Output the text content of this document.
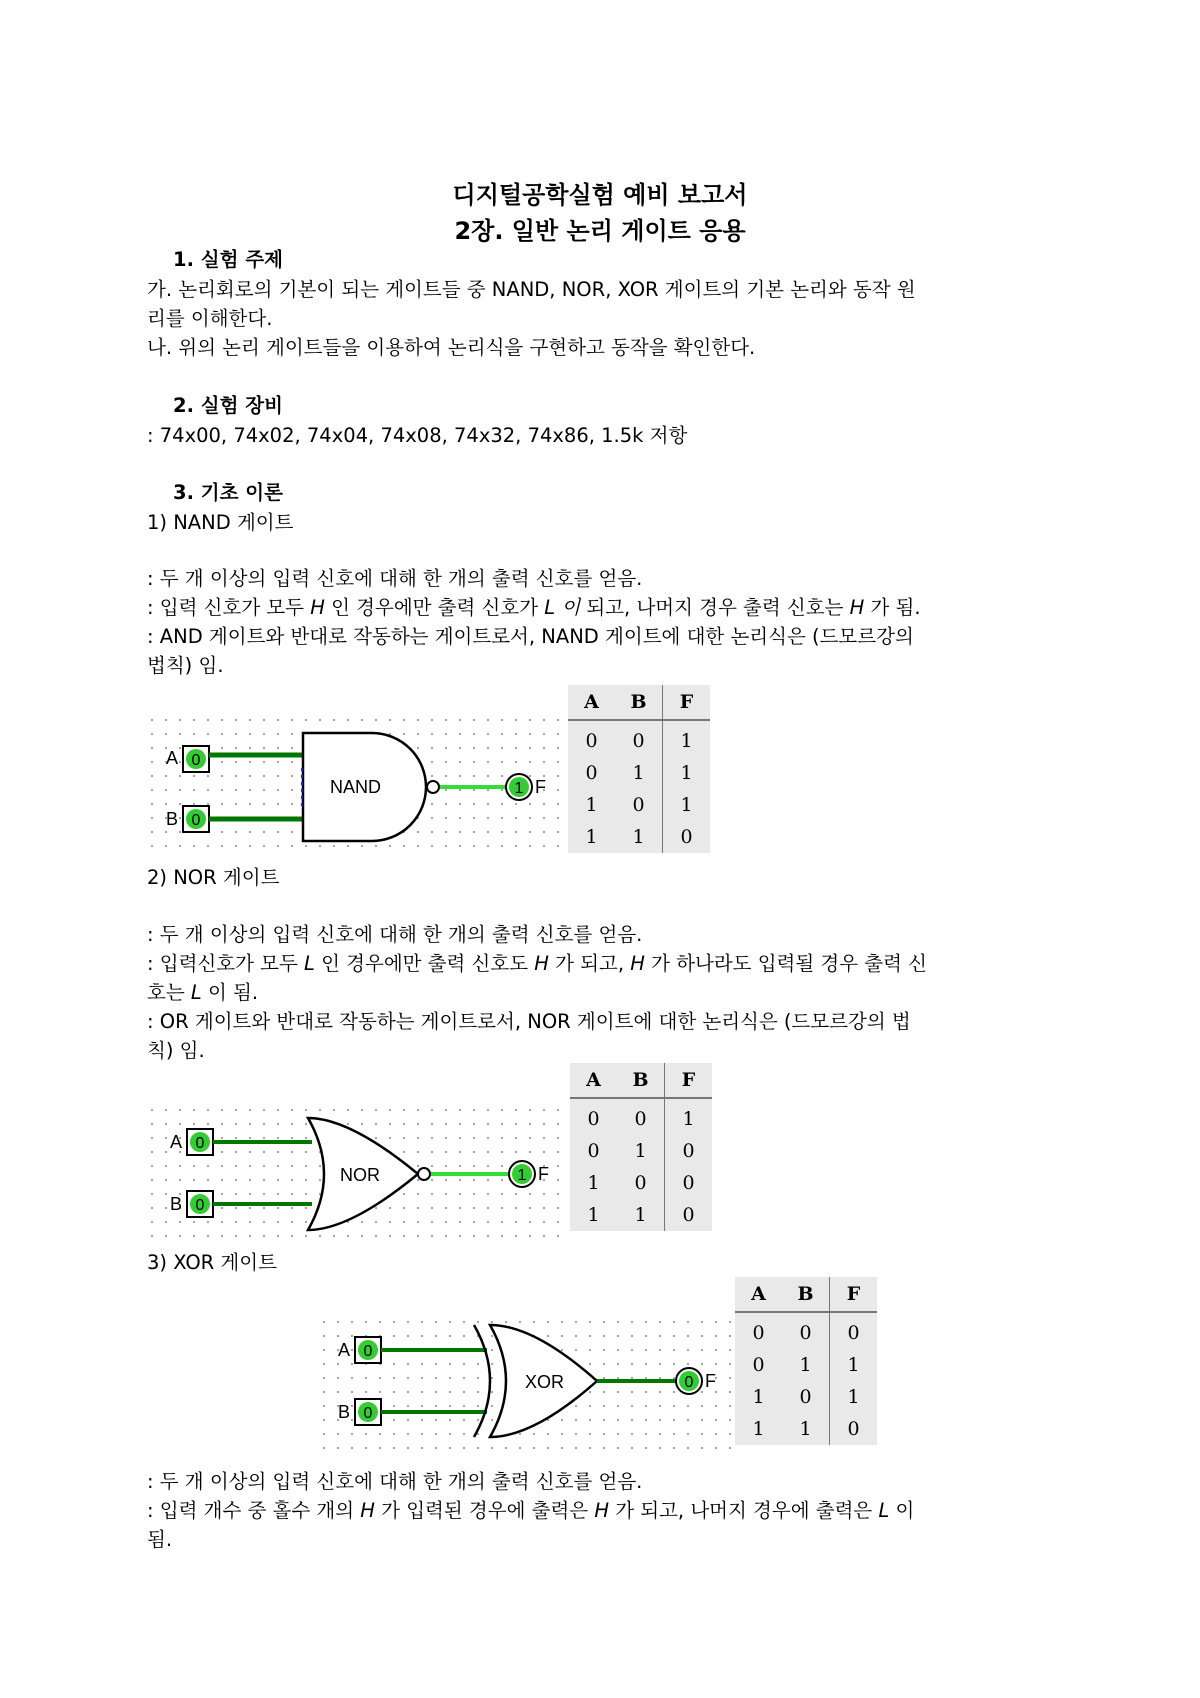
디지털공학실험 예비 보고서
2장. 일반 논리 게이트 응용
1. 실험 주제
가. 논리회로의 기본이 되는 게이트들 중 NAND, NOR, XOR 게이트의 기본 논리와 동작 원
리를 이해한다.
나. 위의 논리 게이트들을 이용하여 논리식을 구현하고 동작을 확인한다.
2. 실험 장비
: 74x00, 74x02, 74x04, 74x08, 74x32, 74x86, 1.5k 저항
3. 기초 이론
1) NAND 게이트
: 두 개 이상의 입력 신호에 대해 한 개의 출력 신호를 얻음.
: 입력 신호가 모두 H 인 경우에만 출력 신호가 L 이 되고, 나머지 경우 출력 신호는 H 가 됨.
: AND 게이트와 반대로 작동하는 게이트로서, NAND 게이트에 대한 논리식은 (드모르강의
법칙) 임.
A
B
0
0
NAND	1 F
A	B	F
0	0	1
0	1	1
1	0	1
1	1	0
2) NOR 게이트
: 두 개 이상의 입력 신호에 대해 한 개의 출력 신호를 얻음.
: 입력신호가 모두 L 인 경우에만 출력 신호도 H 가 되고, H 가 하나라도 입력될 경우 출력 신
호는 L 이 됨.
: OR 게이트와 반대로 작동하는 게이트로서, NOR 게이트에 대한 논리식은 (드모르강의 법
칙) 임.
A
B
0
0
NOR	1 F
A	B	F
0	0	1
0	1	0
1	0	0
1	1	0
3) XOR 게이트
A
B
0
0
XOR	0 F
A	B	F
0	0	0
0	1	1
1	0	1
1	1	0
: 두 개 이상의 입력 신호에 대해 한 개의 출력 신호를 얻음.
: 입력 개수 중 홀수 개의 H 가 입력된 경우에 출력은 H 가 되고, 나머지 경우에 출력은 L 이
됨.
